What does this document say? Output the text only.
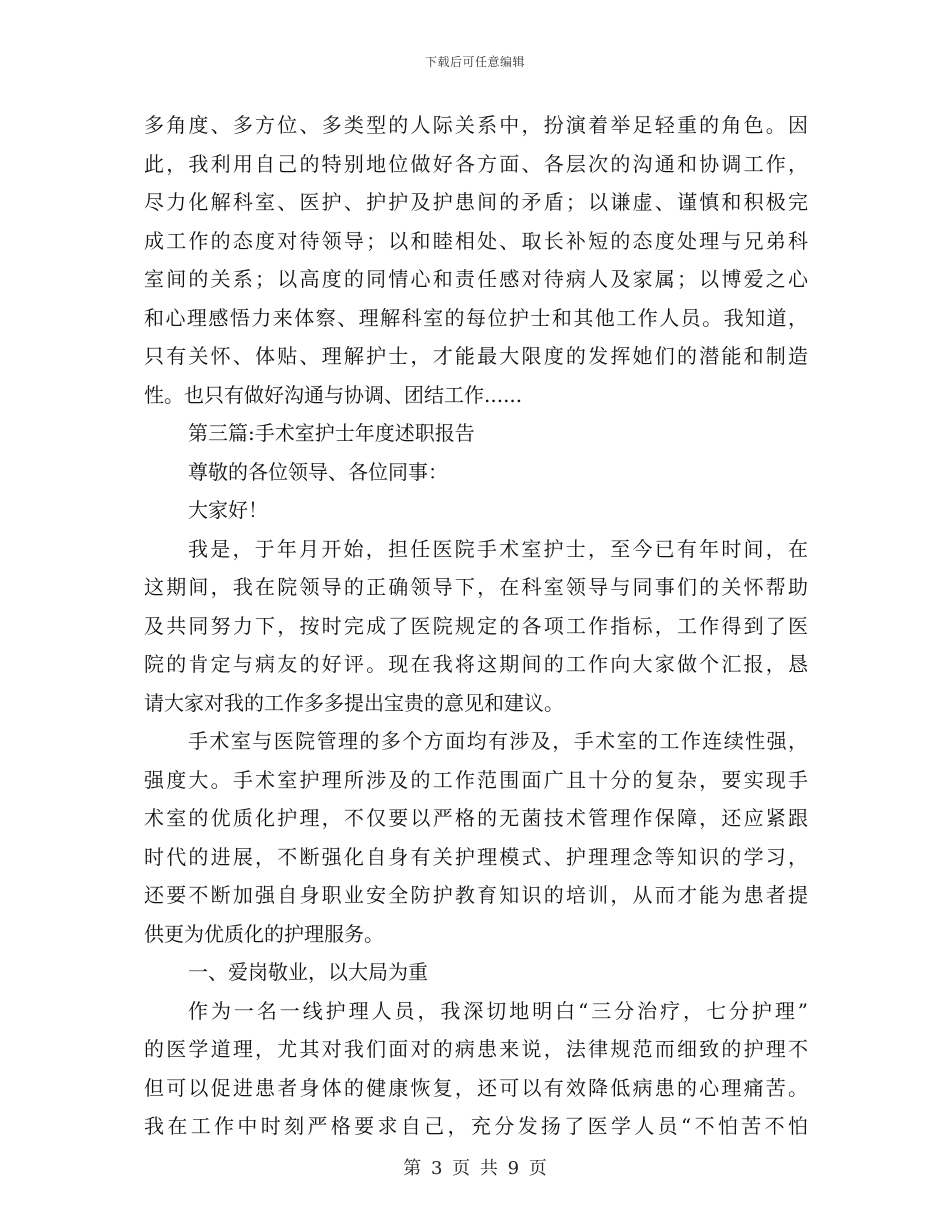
下载后可任意编辑
多角度、多方位、多类型的人际关系中，扮演着举足轻重的角色。因
此，我利用自己的特别地位做好各方面、各层次的沟通和协调工作，
尽力化解科室、医护、护护及护患间的矛盾；以谦虚、谨慎和积极完
成工作的态度对待领导；以和睦相处、取长补短的态度处理与兄弟科
室间的关系；以高度的同情心和责任感对待病人及家属；以博爱之心
和心理感悟力来体察、理解科室的每位护士和其他工作人员。我知道，
只有关怀、体贴、理解护士，才能最大限度的发挥她们的潜能和制造
性。也只有做好沟通与协调、团结工作......
第三篇:手术室护士年度述职报告
尊敬的各位领导、各位同事：
大家好！
我是，于年月开始，担任医院手术室护士，至今已有年时间，在
这期间，我在院领导的正确领导下，在科室领导与同事们的关怀帮助
及共同努力下，按时完成了医院规定的各项工作指标，工作得到了医
院的肯定与病友的好评。现在我将这期间的工作向大家做个汇报，恳
请大家对我的工作多多提出宝贵的意见和建议。
手术室与医院管理的多个方面均有涉及，手术室的工作连续性强，
强度大。手术室护理所涉及的工作范围面广且十分的复杂，要实现手
术室的优质化护理，不仅要以严格的无菌技术管理作保障，还应紧跟
时代的进展，不断强化自身有关护理模式、护理理念等知识的学习，
还要不断加强自身职业安全防护教育知识的培训，从而才能为患者提
供更为优质化的护理服务。
一、爱岗敬业，以大局为重
作为一名一线护理人员，我深切地明白“三分治疗，七分护理”
的医学道理，尤其对我们面对的病患来说，法律规范而细致的护理不
但可以促进患者身体的健康恢复，还可以有效降低病患的心理痛苦。
我在工作中时刻严格要求自己，充分发扬了医学人员“不怕苦不怕
第 3 页 共 9 页
